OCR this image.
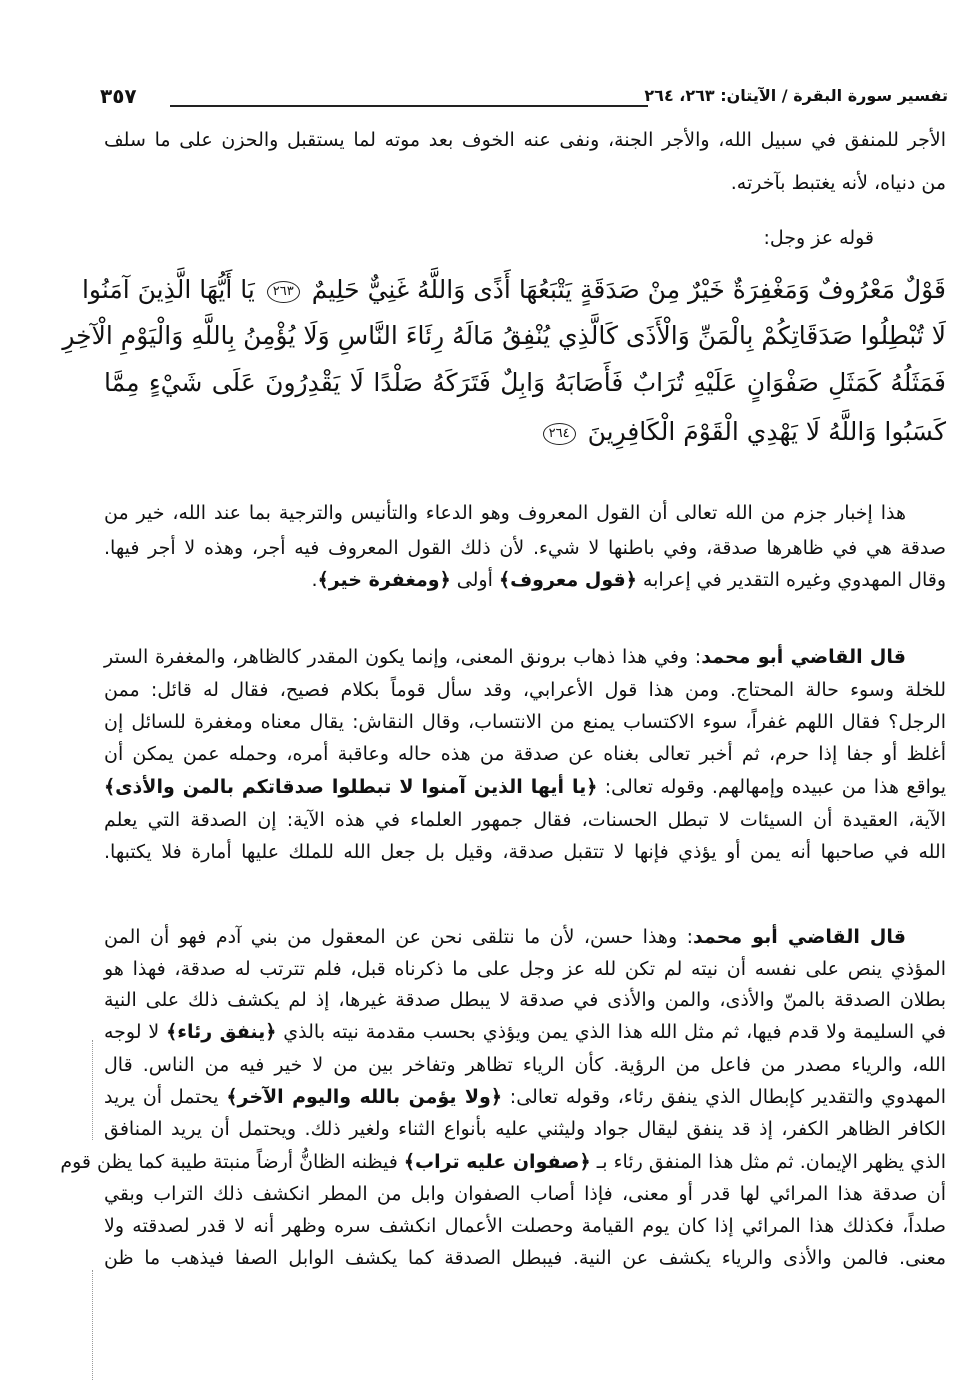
تفسير سورة البقرة / الآيتان: ٢٦٣، ٢٦٤
٣٥٧
الأجر للمنفق في سبيل الله، والأجر الجنة، ونفى عنه الخوف بعد موته لما يستقبل والحزن على ما سلف
من دنياه، لأنه يغتبط بآخرته.
قوله عز وجل:
قَوْلٌ مَعْرُوفٌ وَمَغْفِرَةٌ خَيْرٌ مِنْ صَدَقَةٍ يَتْبَعُهَا أَذًى وَاللَّهُ غَنِيٌّ حَلِيمٌ ٢٦٣ يَا أَيُّهَا الَّذِينَ آمَنُوا
لَا تُبْطِلُوا صَدَقَاتِكُمْ بِالْمَنِّ وَالْأَذَى كَالَّذِي يُنْفِقُ مَالَهُ رِئَاءَ النَّاسِ وَلَا يُؤْمِنُ بِاللَّهِ وَالْيَوْمِ الْآخِرِ
فَمَثَلُهُ كَمَثَلِ صَفْوَانٍ عَلَيْهِ تُرَابٌ فَأَصَابَهُ وَابِلٌ فَتَرَكَهُ صَلْدًا لَا يَقْدِرُونَ عَلَى شَيْءٍ مِمَّا
كَسَبُوا وَاللَّهُ لَا يَهْدِي الْقَوْمَ الْكَافِرِينَ ٢٦٤
هذا إخبار جزم من الله تعالى أن القول المعروف وهو الدعاء والتأنيس والترجية بما عند الله، خير من
صدقة هي في ظاهرها صدقة، وفي باطنها لا شيء. لأن ذلك القول المعروف فيه أجر، وهذه لا أجر فيها.
وقال المهدوي وغيره التقدير في إعرابه ﴿قول معروف﴾ أولى ﴿ومغفرة خير﴾.
قال القاضي أبو محمد: وفي هذا ذهاب برونق المعنى، وإنما يكون المقدر كالظاهر، والمغفرة الستر
للخلة وسوء حالة المحتاج. ومن هذا قول الأعرابي، وقد سأل قوماً بكلام فصيح، فقال له قائل: ممن
الرجل؟ فقال اللهم غفراً، سوء الاكتساب يمنع من الانتساب، وقال النقاش: يقال معناه ومغفرة للسائل إن
أغلظ أو جفا إذا حرم، ثم أخبر تعالى بغناه عن صدقة من هذه حاله وعاقبة أمره، وحمله عمن يمكن أن
يواقع هذا من عبيده وإمهالهم. وقوله تعالى: ﴿يا أيها الذين آمنوا لا تبطلوا صدقاتكم بالمن والأذى﴾
الآية، العقيدة أن السيئات لا تبطل الحسنات، فقال جمهور العلماء في هذه الآية: إن الصدقة التي يعلم
الله في صاحبها أنه يمن أو يؤذي فإنها لا تتقبل صدقة، وقيل بل جعل الله للملك عليها أمارة فلا يكتبها.
قال القاضي أبو محمد: وهذا حسن، لأن ما نتلقى نحن عن المعقول من بني آدم فهو أن المن
المؤذي ينص على نفسه أن نيته لم تكن لله عز وجل على ما ذكرناه قبل، فلم تترتب له صدقة، فهذا هو
بطلان الصدقة بالمنّ والأذى، والمن والأذى في صدقة لا يبطل صدقة غيرها، إذ لم يكشف ذلك على النية
في السليمة ولا قدم فيها، ثم مثل الله هذا الذي يمن ويؤذي بحسب مقدمة نيته بالذي ﴿ينفق رئاء﴾ لا لوجه
الله، والرياء مصدر من فاعل من الرؤية. كأن الرياء تظاهر وتفاخر بين من لا خير فيه من الناس. قال
المهدوي والتقدير كإبطال الذي ينفق رئاء، وقوله تعالى: ﴿ولا يؤمن بالله واليوم الآخر﴾ يحتمل أن يريد
الكافر الظاهر الكفر، إذ قد ينفق ليقال جواد وليثني عليه بأنواع الثناء ولغير ذلك. ويحتمل أن يريد المنافق
الذي يظهر الإيمان. ثم مثل هذا المنفق رئاء بـ ﴿صفوان عليه تراب﴾ فيظنه الظانُّ أرضاً منبتة طيبة كما يظن قوم
أن صدقة هذا المرائي لها قدر أو معنى، فإذا أصاب الصفوان وابل من المطر انكشف ذلك التراب وبقي
صلداً، فكذلك هذا المرائي إذا كان يوم القيامة وحصلت الأعمال انكشف سره وظهر أنه لا قدر لصدقته ولا
معنى. فالمن والأذى والرياء يكشف عن النية. فيبطل الصدقة كما يكشف الوابل الصفا فيذهب ما ظن
